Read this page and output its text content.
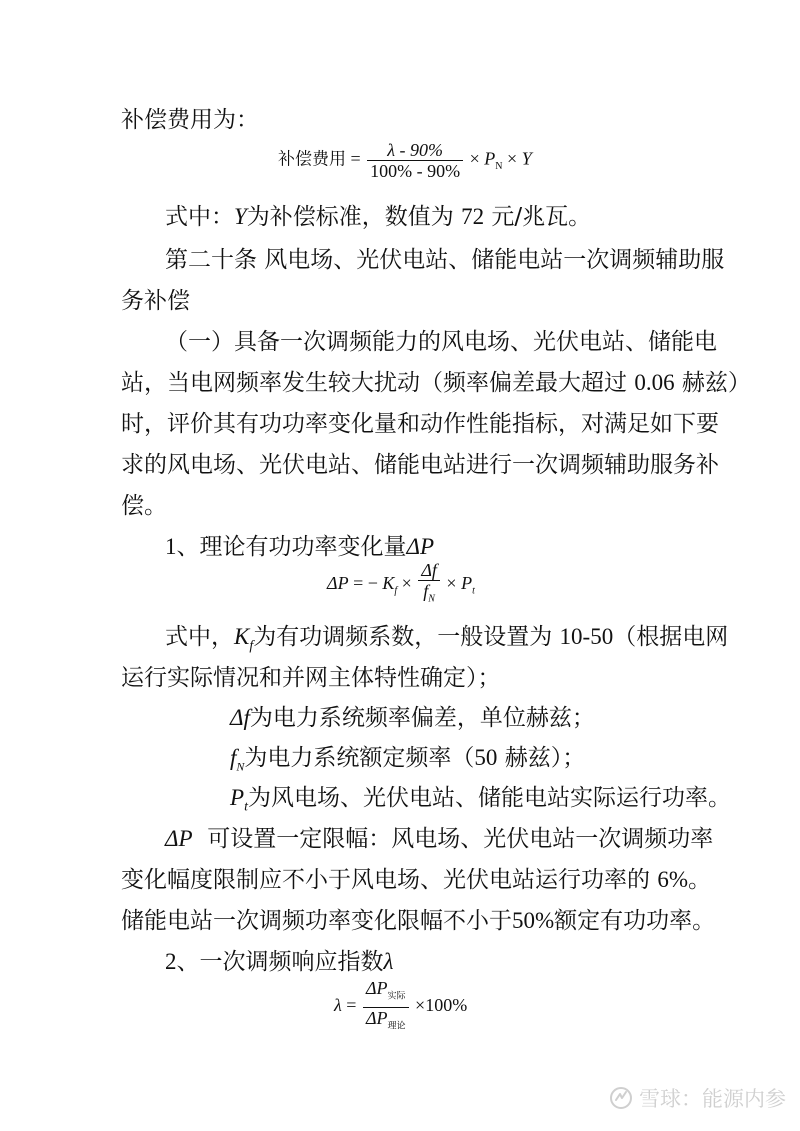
补偿费用为：
补偿费用 = $\frac{\lambda - 90\%}{100\% - 90\%} \times P_N \times Y$
式中：Y为补偿标准，数值为 72 元/兆瓦。
第二十条 风电场、光伏电站、储能电站一次调频辅助服
务补偿
（一）具备一次调频能力的风电场、光伏电站、储能电
站，当电网频率发生较大扰动（频率偏差最大超过 0.06 赫兹）
时，评价其有功功率变化量和动作性能指标，对满足如下要
求的风电场、光伏电站、储能电站进行一次调频辅助服务补
偿。
1、理论有功功率变化量ΔP
ΔP = − $K_f \times \frac{\Delta f}{f_N} \times P_t$
式中，$K_f$为有功调频系数，一般设置为 10-50（根据电网
运行实际情况和并网主体特性确定）；
Δf为电力系统频率偏差，单位赫兹；
$f_N$为电力系统额定频率（50 赫兹）；
$P_t$为风电场、光伏电站、储能电站实际运行功率。
ΔP 可设置一定限幅：风电场、光伏电站一次调频功率
变化幅度限制应不小于风电场、光伏电站运行功率的 6%。
储能电站一次调频功率变化限幅不小于50%额定有功功率。
2、一次调频响应指数λ
$\lambda = \frac{\Delta P_{实际}}{\Delta P_{理论}} \times 100\%$
雪球：能源内参
